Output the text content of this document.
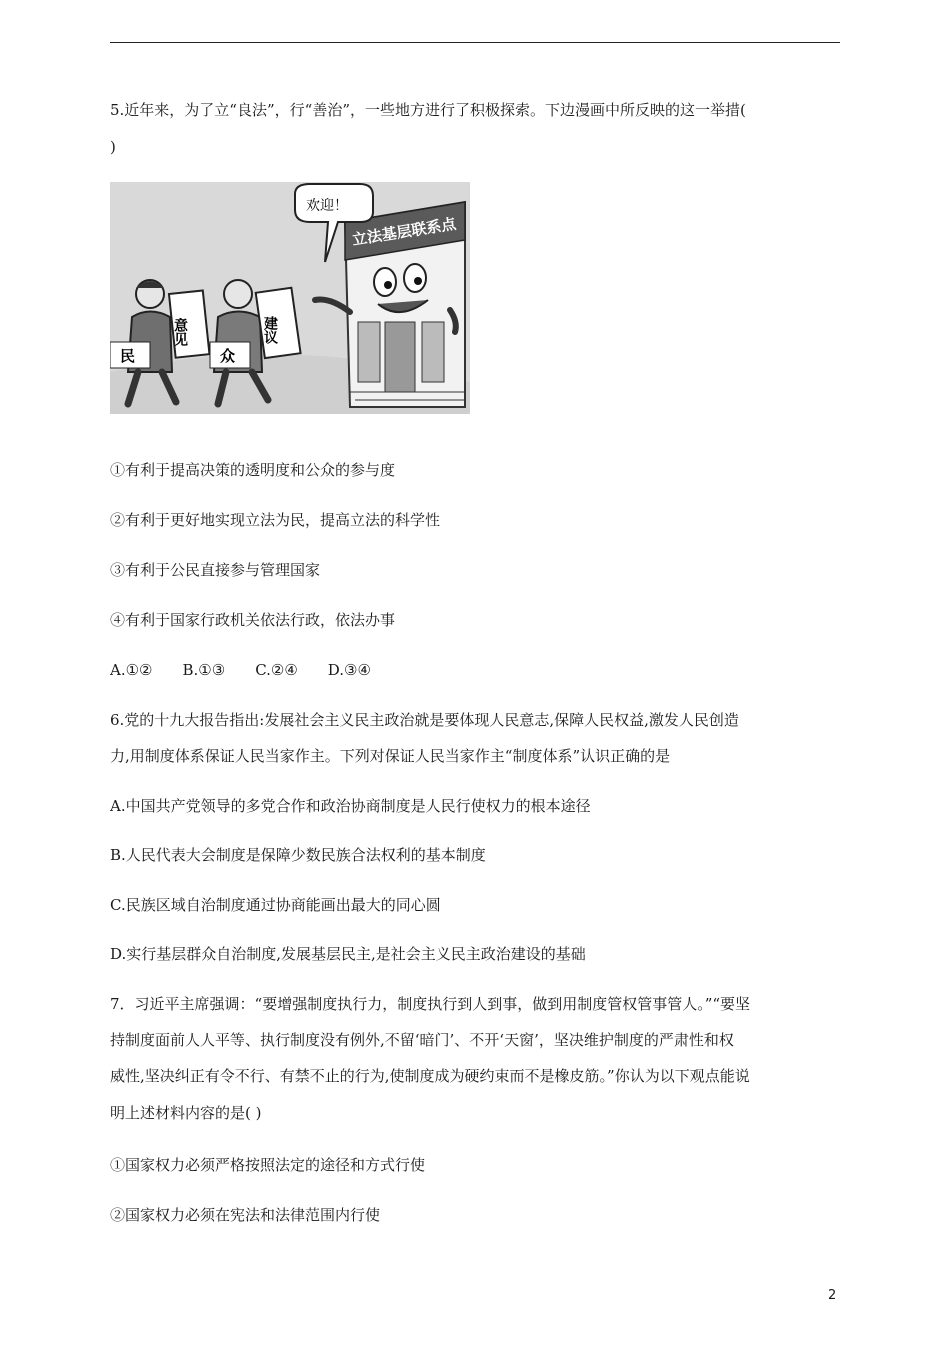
5.近年来，为了立“良法”，行“善治”，一些地方进行了积极探索。下边漫画中所反映的这一举措(
)
立法基层联系点
欢迎！
民
意见
众
建议
①有利于提高决策的透明度和公众的参与度
②有利于更好地实现立法为民，提高立法的科学性
③有利于公民直接参与管理国家
④有利于国家行政机关依法行政，依法办事
A.①② B.①③ C.②④ D.③④
6.党的十九大报告指出:发展社会主义民主政治就是要体现人民意志,保障人民权益,激发人民创造
力,用制度体系保证人民当家作主。下列对保证人民当家作主“制度体系”认识正确的是
A.中国共产党领导的多党合作和政治协商制度是人民行使权力的根本途径
B.人民代表大会制度是保障少数民族合法权利的基本制度
C.民族区域自治制度通过协商能画出最大的同心圆
D.实行基层群众自治制度,发展基层民主,是社会主义民主政治建设的基础
7．习近平主席强调：“要增强制度执行力，制度执行到人到事，做到用制度管权管事管人。”“要坚
持制度面前人人平等、执行制度没有例外,不留‘暗门’、不开‘天窗’，坚决维护制度的严肃性和权
威性,坚决纠正有令不行、有禁不止的行为,使制度成为硬约束而不是橡皮筋。”你认为以下观点能说
明上述材料内容的是( )
①国家权力必须严格按照法定的途径和方式行使
②国家权力必须在宪法和法律范围内行使
2
